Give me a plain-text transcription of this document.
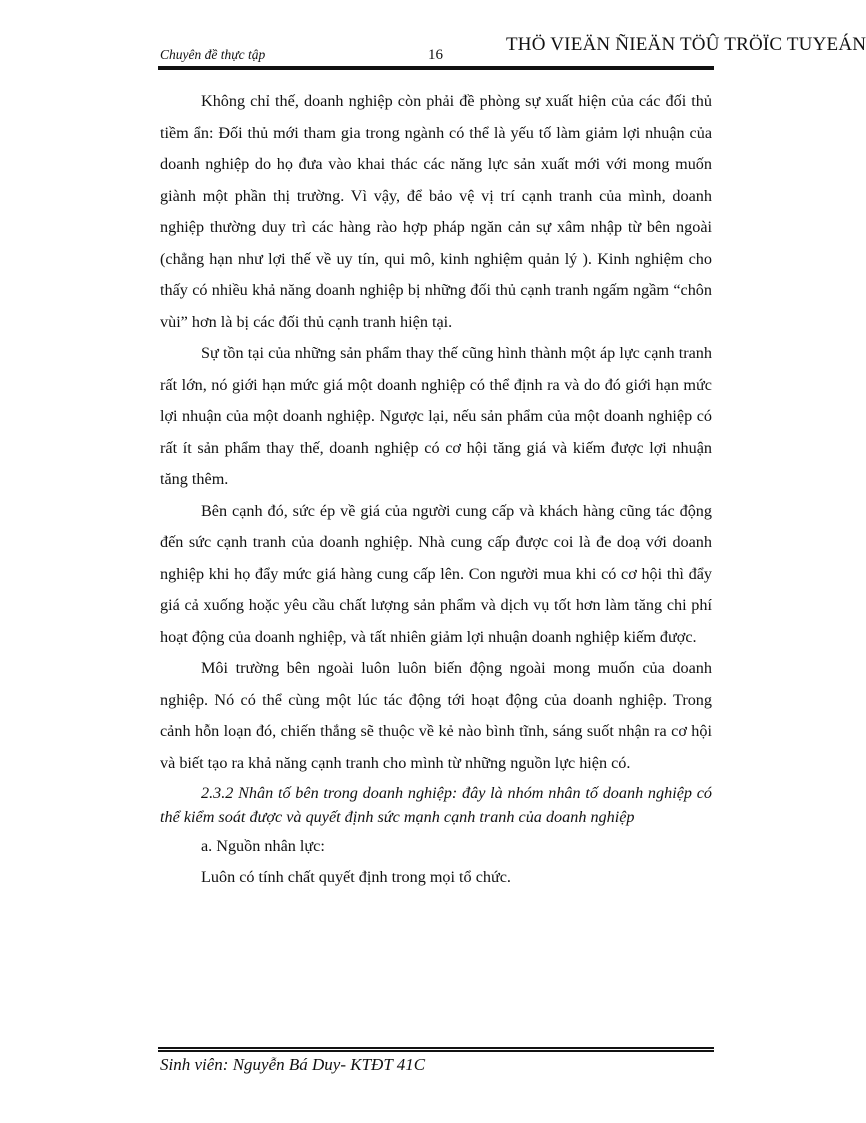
Chuyên đề thực tập	16	THÖ VIEÄN ÑIEÄN TÖÛ TRÖÏC TUYEÁN

Không chỉ thế, doanh nghiệp còn phải đề phòng sự xuất hiện của các đối thủ tiềm ẩn: Đối thủ mới tham gia trong ngành có thể là yếu tố làm giảm lợi nhuận của doanh nghiệp do họ đưa vào khai thác các năng lực sản xuất mới với mong muốn giành một phần thị trường. Vì vậy, để bảo vệ vị trí cạnh tranh của mình, doanh nghiệp thường duy trì các hàng rào hợp pháp ngăn cản sự xâm nhập từ bên ngoài (chẳng hạn như lợi thế về uy tín, qui mô, kinh nghiệm quản lý ). Kinh nghiệm cho thấy có nhiều khả năng doanh nghiệp bị những đối thủ cạnh tranh ngấm ngầm “chôn vùi” hơn là bị các đối thủ cạnh tranh hiện tại.

Sự tồn tại của những sản phẩm thay thế cũng hình thành một áp lực cạnh tranh rất lớn, nó giới hạn mức giá một doanh nghiệp có thể định ra và do đó giới hạn mức lợi nhuận của một doanh nghiệp. Ngược lại, nếu sản phẩm của một doanh nghiệp có rất ít sản phẩm thay thế, doanh nghiệp có cơ hội tăng giá và kiếm được lợi nhuận tăng thêm.

Bên cạnh đó, sức ép về giá của người cung cấp và khách hàng cũng tác động đến sức cạnh tranh của doanh nghiệp. Nhà cung cấp được coi là đe doạ với doanh nghiệp khi họ đẩy mức giá hàng cung cấp lên. Con người mua khi có cơ hội thì đẩy giá cả xuống hoặc yêu cầu chất lượng sản phẩm và dịch vụ tốt hơn làm tăng chi phí hoạt động của doanh nghiệp, và tất nhiên giảm lợi nhuận doanh nghiệp kiếm được.

Môi trường bên ngoài luôn luôn biến động ngoài mong muốn của doanh nghiệp. Nó có thể cùng một lúc tác động tới hoạt động của doanh nghiệp. Trong cảnh hỗn loạn đó, chiến thắng sẽ thuộc về kẻ nào bình tĩnh, sáng suốt nhận ra cơ hội và biết tạo ra khả năng cạnh tranh cho mình từ những nguồn lực hiện có.

2.3.2 Nhân tố bên trong doanh nghiệp: đây là nhóm nhân tố doanh nghiệp có thể kiểm soát được và quyết định sức mạnh cạnh tranh của doanh nghiệp

a. Nguồn nhân lực:

Luôn có tính chất quyết định trong mọi tổ chức.

Sinh viên: Nguyễn Bá Duy- KTĐT 41C
